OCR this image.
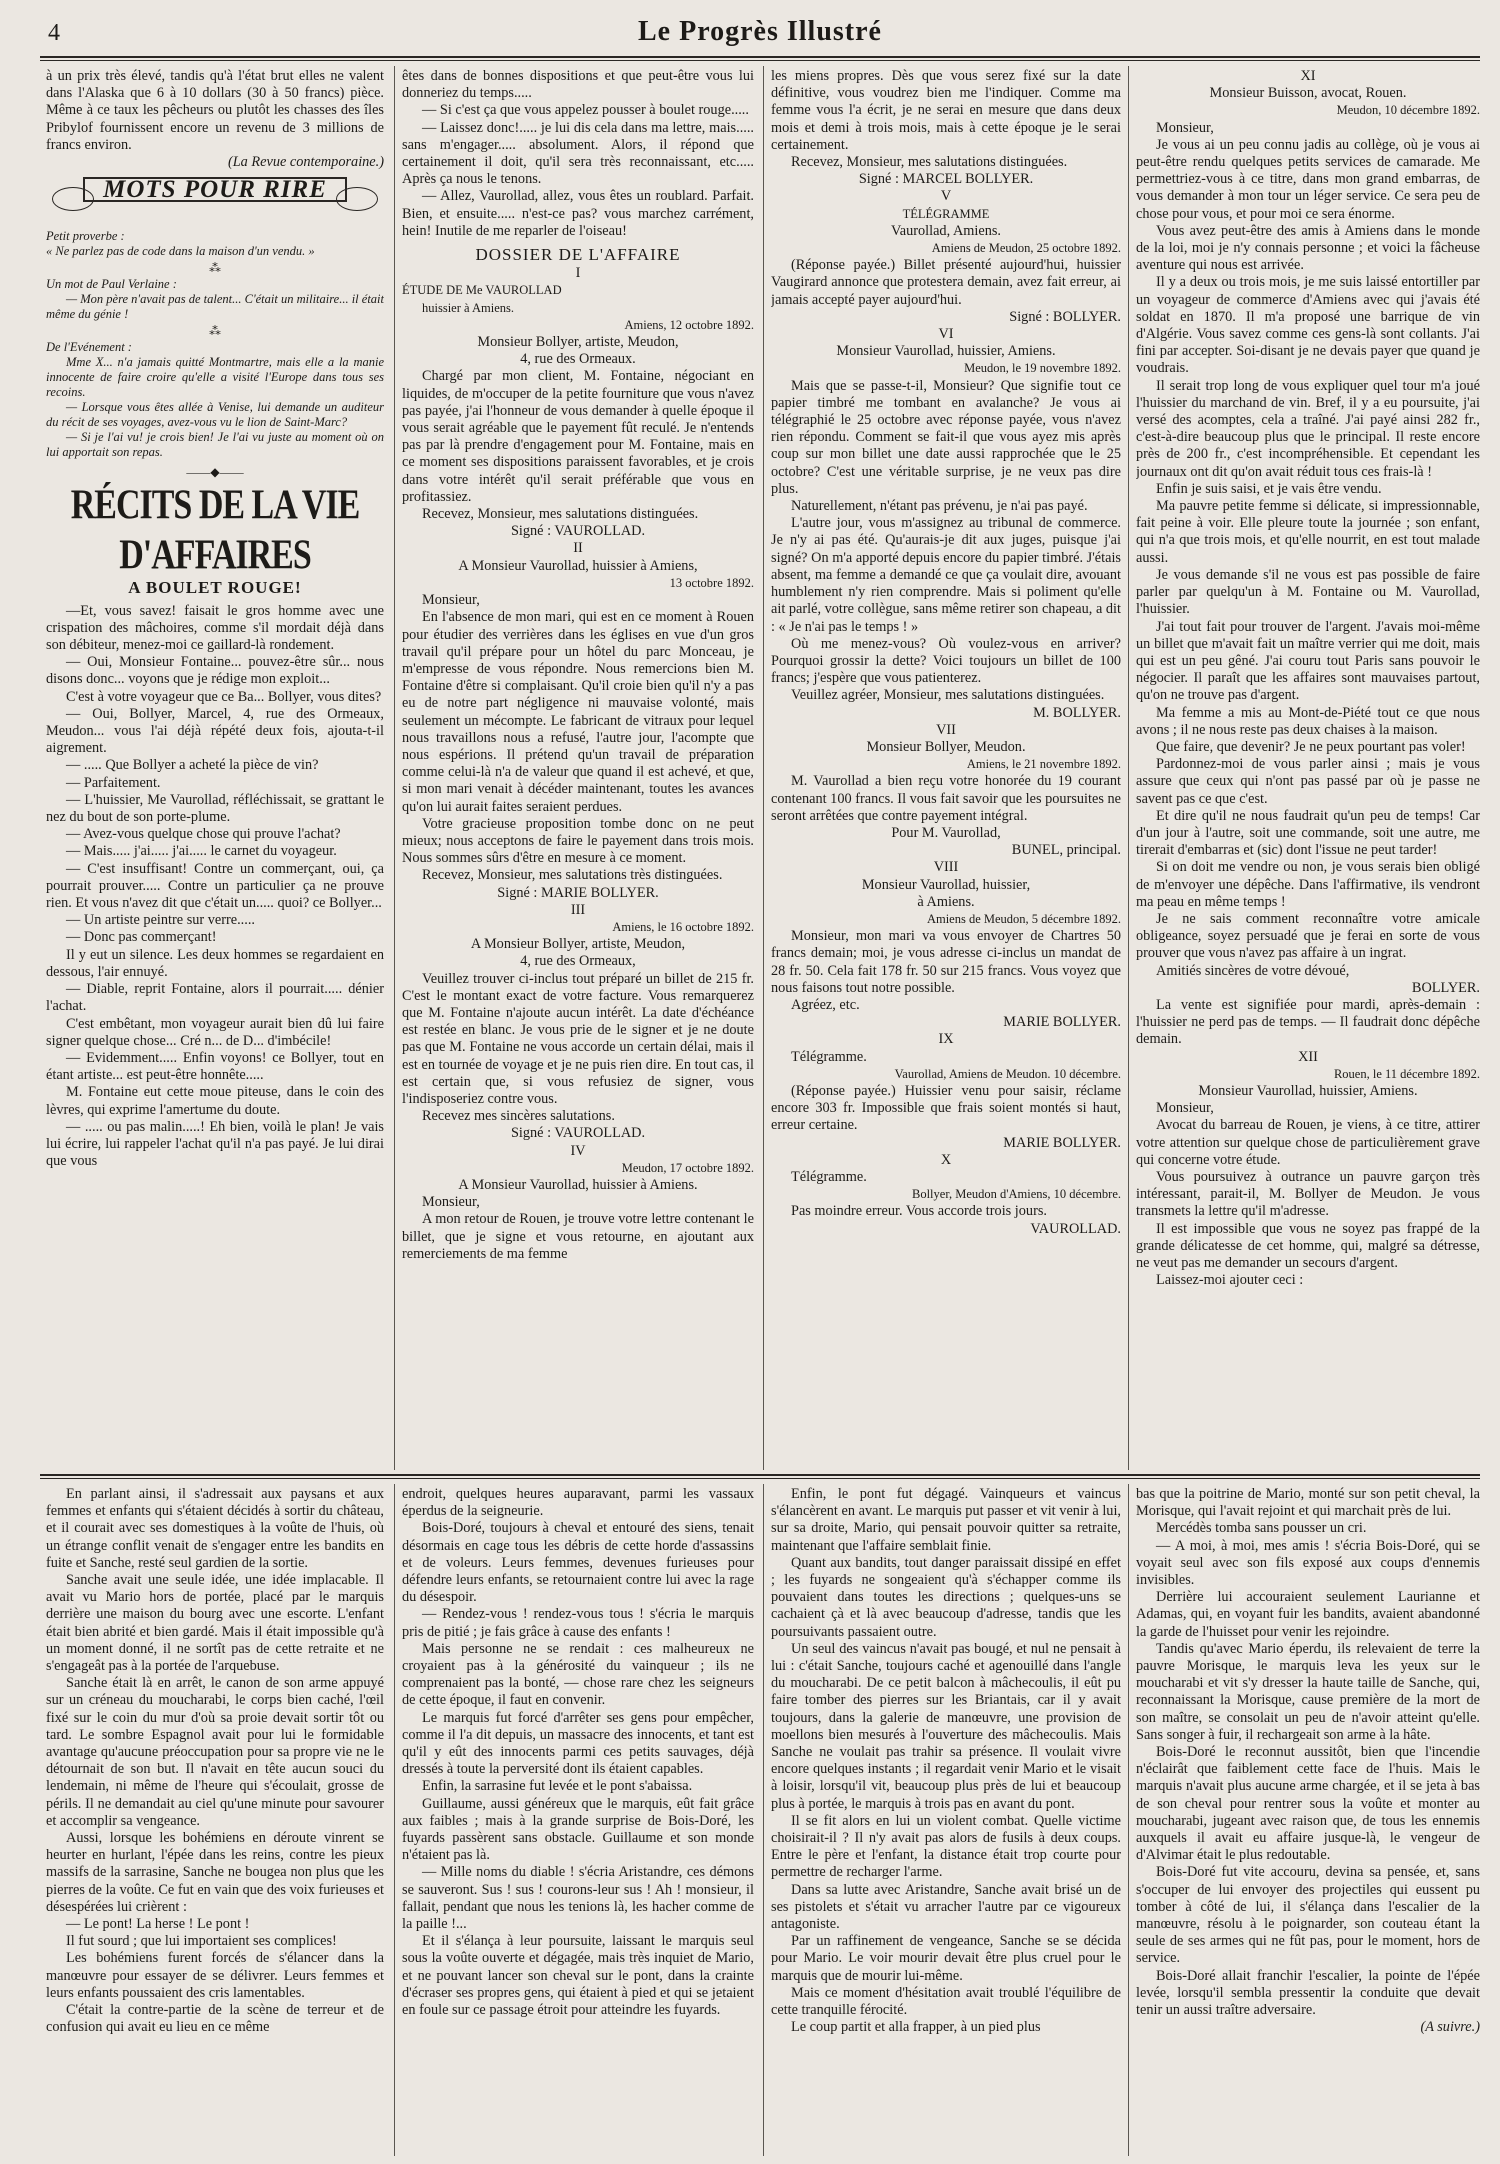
4	Le Progrès Illustré

à un prix très élevé, tandis qu'à l'état brut elles ne valent dans l'Alaska que 6 à 10 dollars (30 à 50 francs) pièce. Même à ce taux les pêcheurs ou plutôt les chasses des îles Pribylof fournissent encore un revenu de 3 millions de francs environ.

(La Revue contemporaine.)

MOTS POUR RIRE

Petit proverbe :

« Ne parlez pas de code dans la maison d'un vendu. »

⁂

Un mot de Paul Verlaine :

— Mon père n'avait pas de talent... C'était un militaire... il était même du génie !

⁂

De l'Evénement :

Mme X... n'a jamais quitté Montmartre, mais elle a la manie innocente de faire croire qu'elle a visité l'Europe dans tous ses recoins.

— Lorsque vous êtes allée à Venise, lui demande un auditeur du récit de ses voyages, avez-vous vu le lion de Saint-Marc?

— Si je l'ai vu! je crois bien! Je l'ai vu juste au moment où on lui apportait son repas.

——◆——
RÉCITS DE LA VIE D'AFFAIRES
A BOULET ROUGE!

—Et, vous savez! faisait le gros homme avec une crispation des mâchoires, comme s'il mordait déjà dans son débiteur, menez-moi ce gaillard-là rondement.

— Oui, Monsieur Fontaine... pouvez-être sûr... nous disons donc... voyons que je rédige mon exploit...

C'est à votre voyageur que ce Ba... Bollyer, vous dites?

— Oui, Bollyer, Marcel, 4, rue des Ormeaux, Meudon... vous l'ai déjà répété deux fois, ajouta-t-il aigrement.

— ..... Que Bollyer a acheté la pièce de vin?

— Parfaitement.

— L'huissier, Me Vaurollad, réfléchissait, se grattant le nez du bout de son porte-plume.

— Avez-vous quelque chose qui prouve l'achat?

— Mais..... j'ai..... j'ai..... le carnet du voyageur.

— C'est insuffisant! Contre un commerçant, oui, ça pourrait prouver..... Contre un particulier ça ne prouve rien. Et vous n'avez dit que c'était un..... quoi? ce Bollyer...

— Un artiste peintre sur verre.....

— Donc pas commerçant!

Il y eut un silence. Les deux hommes se regardaient en dessous, l'air ennuyé.

— Diable, reprit Fontaine, alors il pourrait..... dénier l'achat.

C'est embêtant, mon voyageur aurait bien dû lui faire signer quelque chose... Cré n... de D... d'imbécile!

— Evidemment..... Enfin voyons! ce Bollyer, tout en étant artiste... est peut-être honnête.....

M. Fontaine eut cette moue piteuse, dans le coin des lèvres, qui exprime l'amertume du doute.

— ..... ou pas malin.....! Eh bien, voilà le plan! Je vais lui écrire, lui rappeler l'achat qu'il n'a pas payé. Je lui dirai que vous

êtes dans de bonnes dispositions et que peut-être vous lui donneriez du temps.....

— Si c'est ça que vous appelez pousser à boulet rouge.....

— Laissez donc!..... je lui dis cela dans ma lettre, mais..... sans m'engager..... absolument. Alors, il répond que certainement il doit, qu'il sera très reconnaissant, etc..... Après ça nous le tenons.

— Allez, Vaurollad, allez, vous êtes un roublard. Parfait. Bien, et ensuite..... n'est-ce pas? vous marchez carrément, hein! Inutile de me reparler de l'oiseau!

DOSSIER DE L'AFFAIRE

I

ÉTUDE DE Me VAUROLLAD

huissier à Amiens.

Amiens, 12 octobre 1892.

Monsieur Bollyer, artiste, Meudon,

4, rue des Ormeaux.

Chargé par mon client, M. Fontaine, négociant en liquides, de m'occuper de la petite fourniture que vous n'avez pas payée, j'ai l'honneur de vous demander à quelle époque il vous serait agréable que le payement fût reculé. Je n'entends pas par là prendre d'engagement pour M. Fontaine, mais en ce moment ses dispositions paraissent favorables, et je crois dans votre intérêt qu'il serait préférable que vous en profitassiez.

Recevez, Monsieur, mes salutations distinguées.

Signé : VAUROLLAD.

II

A Monsieur Vaurollad, huissier à Amiens,

13 octobre 1892.

Monsieur,

En l'absence de mon mari, qui est en ce moment à Rouen pour étudier des verrières dans les églises en vue d'un gros travail qu'il prépare pour un hôtel du parc Monceau, je m'empresse de vous répondre. Nous remercions bien M. Fontaine d'être si complaisant. Qu'il croie bien qu'il n'y a pas eu de notre part négligence ni mauvaise volonté, mais seulement un mécompte. Le fabricant de vitraux pour lequel nous travaillons nous a refusé, l'autre jour, l'acompte que nous espérions. Il prétend qu'un travail de préparation comme celui-là n'a de valeur que quand il est achevé, et que, si mon mari venait à décéder maintenant, toutes les avances qu'on lui aurait faites seraient perdues.

Votre gracieuse proposition tombe donc on ne peut mieux; nous acceptons de faire le payement dans trois mois. Nous sommes sûrs d'être en mesure à ce moment.

Recevez, Monsieur, mes salutations très distinguées.

Signé : MARIE BOLLYER.

III

Amiens, le 16 octobre 1892.

A Monsieur Bollyer, artiste, Meudon,

4, rue des Ormeaux,

Veuillez trouver ci-inclus tout préparé un billet de 215 fr. C'est le montant exact de votre facture. Vous remarquerez que M. Fontaine n'ajoute aucun intérêt. La date d'échéance est restée en blanc. Je vous prie de le signer et je ne doute pas que M. Fontaine ne vous accorde un certain délai, mais il est en tournée de voyage et je ne puis rien dire. En tout cas, il est certain que, si vous refusiez de signer, vous l'indisposeriez contre vous.

Recevez mes sincères salutations.

Signé : VAUROLLAD.

IV

Meudon, 17 octobre 1892.

A Monsieur Vaurollad, huissier à Amiens.

Monsieur,

A mon retour de Rouen, je trouve votre lettre contenant le billet, que je signe et vous retourne, en ajoutant aux remerciements de ma femme

les miens propres. Dès que vous serez fixé sur la date définitive, vous voudrez bien me l'indiquer. Comme ma femme vous l'a écrit, je ne serai en mesure que dans deux mois et demi à trois mois, mais à cette époque je le serai certainement.

Recevez, Monsieur, mes salutations distinguées.

Signé : MARCEL BOLLYER.

V

TÉLÉGRAMME

Vaurollad, Amiens.

Amiens de Meudon, 25 octobre 1892.

(Réponse payée.) Billet présenté aujourd'hui, huissier Vaugirard annonce que protestera demain, avez fait erreur, ai jamais accepté payer aujourd'hui.

Signé : BOLLYER.

VI

Monsieur Vaurollad, huissier, Amiens.

Meudon, le 19 novembre 1892.

Mais que se passe-t-il, Monsieur? Que signifie tout ce papier timbré me tombant en avalanche? Je vous ai télégraphié le 25 octobre avec réponse payée, vous n'avez rien répondu. Comment se fait-il que vous ayez mis après coup sur mon billet une date aussi rapprochée que le 25 octobre? C'est une véritable surprise, je ne veux pas dire plus.

Naturellement, n'étant pas prévenu, je n'ai pas payé.

L'autre jour, vous m'assignez au tribunal de commerce. Je n'y ai pas été. Qu'aurais-je dit aux juges, puisque j'ai signé? On m'a apporté depuis encore du papier timbré. J'étais absent, ma femme a demandé ce que ça voulait dire, avouant humblement n'y rien comprendre. Mais si poliment qu'elle ait parlé, votre collègue, sans même retirer son chapeau, a dit : « Je n'ai pas le temps ! »

Où me menez-vous? Où voulez-vous en arriver? Pourquoi grossir la dette? Voici toujours un billet de 100 francs; j'espère que vous patienterez.

Veuillez agréer, Monsieur, mes salutations distinguées.

M. BOLLYER.

VII

Monsieur Bollyer, Meudon.

Amiens, le 21 novembre 1892.

M. Vaurollad a bien reçu votre honorée du 19 courant contenant 100 francs. Il vous fait savoir que les poursuites ne seront arrêtées que contre payement intégral.

Pour M. Vaurollad,

BUNEL, principal.

VIII

Monsieur Vaurollad, huissier,

à Amiens.

Amiens de Meudon, 5 décembre 1892.

Monsieur, mon mari va vous envoyer de Chartres 50 francs demain; moi, je vous adresse ci-inclus un mandat de 28 fr. 50. Cela fait 178 fr. 50 sur 215 francs. Vous voyez que nous faisons tout notre possible.

Agréez, etc.

MARIE BOLLYER.

IX

Télégramme.

Vaurollad, Amiens de Meudon. 10 décembre.

(Réponse payée.) Huissier venu pour saisir, réclame encore 303 fr. Impossible que frais soient montés si haut, erreur certaine.

MARIE BOLLYER.

X

Télégramme.

Bollyer, Meudon d'Amiens, 10 décembre.

Pas moindre erreur. Vous accorde trois jours.

VAUROLLAD.

XI

Monsieur Buisson, avocat, Rouen.

Meudon, 10 décembre 1892.

Monsieur,

Je vous ai un peu connu jadis au collège, où je vous ai peut-être rendu quelques petits services de camarade. Me permettriez-vous à ce titre, dans mon grand embarras, de vous demander à mon tour un léger service. Ce sera peu de chose pour vous, et pour moi ce sera énorme.

Vous avez peut-être des amis à Amiens dans le monde de la loi, moi je n'y connais personne ; et voici la fâcheuse aventure qui nous est arrivée.

Il y a deux ou trois mois, je me suis laissé entortiller par un voyageur de commerce d'Amiens avec qui j'avais été soldat en 1870. Il m'a proposé une barrique de vin d'Algérie. Vous savez comme ces gens-là sont collants. J'ai fini par accepter. Soi-disant je ne devais payer que quand je voudrais.

Il serait trop long de vous expliquer quel tour m'a joué l'huissier du marchand de vin. Bref, il y a eu poursuite, j'ai versé des acomptes, cela a traîné. J'ai payé ainsi 282 fr., c'est-à-dire beaucoup plus que le principal. Il reste encore près de 200 fr., c'est incompréhensible. Et cependant les journaux ont dit qu'on avait réduit tous ces frais-là !

Enfin je suis saisi, et je vais être vendu.

Ma pauvre petite femme si délicate, si impressionnable, fait peine à voir. Elle pleure toute la journée ; son enfant, qui n'a que trois mois, et qu'elle nourrit, en est tout malade aussi.

Je vous demande s'il ne vous est pas possible de faire parler par quelqu'un à M. Fontaine ou M. Vaurollad, l'huissier.

J'ai tout fait pour trouver de l'argent. J'avais moi-même un billet que m'avait fait un maître verrier qui me doit, mais qui est un peu gêné. J'ai couru tout Paris sans pouvoir le négocier. Il paraît que les affaires sont mauvaises partout, qu'on ne trouve pas d'argent.

Ma femme a mis au Mont-de-Piété tout ce que nous avons ; il ne nous reste pas deux chaises à la maison.

Que faire, que devenir? Je ne peux pourtant pas voler!

Pardonnez-moi de vous parler ainsi ; mais je vous assure que ceux qui n'ont pas passé par où je passe ne savent pas ce que c'est.

Et dire qu'il ne nous faudrait qu'un peu de temps! Car d'un jour à l'autre, soit une commande, soit une autre, me tirerait d'embarras et (sic) dont l'issue ne peut tarder!

Si on doit me vendre ou non, je vous serais bien obligé de m'envoyer une dépêche. Dans l'affirmative, ils vendront ma peau en même temps !

Je ne sais comment reconnaître votre amicale obligeance, soyez persuadé que je ferai en sorte de vous prouver que vous n'avez pas affaire à un ingrat.

Amitiés sincères de votre dévoué,

BOLLYER.

La vente est signifiée pour mardi, après-demain : l'huissier ne perd pas de temps. — Il faudrait donc dépêche demain.

XII

Rouen, le 11 décembre 1892.

Monsieur Vaurollad, huissier, Amiens.

Monsieur,

Avocat du barreau de Rouen, je viens, à ce titre, attirer votre attention sur quelque chose de particulièrement grave qui concerne votre étude.

Vous poursuivez à outrance un pauvre garçon très intéressant, parait-il, M. Bollyer de Meudon. Je vous transmets la lettre qu'il m'adresse.

Il est impossible que vous ne soyez pas frappé de la grande délicatesse de cet homme, qui, malgré sa détresse, ne veut pas me demander un secours d'argent.

Laissez-moi ajouter ceci :

En parlant ainsi, il s'adressait aux paysans et aux femmes et enfants qui s'étaient décidés à sortir du château, et il courait avec ses domestiques à la voûte de l'huis, où un étrange conflit venait de s'engager entre les bandits en fuite et Sanche, resté seul gardien de la sortie.

Sanche avait une seule idée, une idée implacable. Il avait vu Mario hors de portée, placé par le marquis derrière une maison du bourg avec une escorte. L'enfant était bien abrité et bien gardé. Mais il était impossible qu'à un moment donné, il ne sortît pas de cette retraite et ne s'engageât pas à la portée de l'arquebuse.

Sanche était là en arrêt, le canon de son arme appuyé sur un créneau du moucharabi, le corps bien caché, l'œil fixé sur le coin du mur d'où sa proie devait sortir tôt ou tard. Le sombre Espagnol avait pour lui le formidable avantage qu'aucune préoccupation pour sa propre vie ne le détournait de son but. Il n'avait en tête aucun souci du lendemain, ni même de l'heure qui s'écoulait, grosse de périls. Il ne demandait au ciel qu'une minute pour savourer et accomplir sa vengeance.

Aussi, lorsque les bohémiens en déroute vinrent se heurter en hurlant, l'épée dans les reins, contre les pieux massifs de la sarrasine, Sanche ne bougea non plus que les pierres de la voûte. Ce fut en vain que des voix furieuses et désespérées lui crièrent :

— Le pont! La herse ! Le pont !

Il fut sourd ; que lui importaient ses complices!

Les bohémiens furent forcés de s'élancer dans la manœuvre pour essayer de se délivrer. Leurs femmes et leurs enfants poussaient des cris lamentables.

C'était la contre-partie de la scène de terreur et de confusion qui avait eu lieu en ce même

endroit, quelques heures auparavant, parmi les vassaux éperdus de la seigneurie.

Bois-Doré, toujours à cheval et entouré des siens, tenait désormais en cage tous les débris de cette horde d'assassins et de voleurs. Leurs femmes, devenues furieuses pour défendre leurs enfants, se retournaient contre lui avec la rage du désespoir.

— Rendez-vous ! rendez-vous tous ! s'écria le marquis pris de pitié ; je fais grâce à cause des enfants !

Mais personne ne se rendait : ces malheureux ne croyaient pas à la générosité du vainqueur ; ils ne comprenaient pas la bonté, — chose rare chez les seigneurs de cette époque, il faut en convenir.

Le marquis fut forcé d'arrêter ses gens pour empêcher, comme il l'a dit depuis, un massacre des innocents, et tant est qu'il y eût des innocents parmi ces petits sauvages, déjà dressés à toute la perversité dont ils étaient capables.

Enfin, la sarrasine fut levée et le pont s'abaissa.

Guillaume, aussi généreux que le marquis, eût fait grâce aux faibles ; mais à la grande surprise de Bois-Doré, les fuyards passèrent sans obstacle. Guillaume et son monde n'étaient pas là.

— Mille noms du diable ! s'écria Aristandre, ces démons se sauveront. Sus ! sus ! courons-leur sus ! Ah ! monsieur, il fallait, pendant que nous les tenions là, les hacher comme de la paille !...

Et il s'élança à leur poursuite, laissant le marquis seul sous la voûte ouverte et dégagée, mais très inquiet de Mario, et ne pouvant lancer son cheval sur le pont, dans la crainte d'écraser ses propres gens, qui étaient à pied et qui se jetaient en foule sur ce passage étroit pour atteindre les fuyards.

Enfin, le pont fut dégagé. Vainqueurs et vaincus s'élancèrent en avant. Le marquis put passer et vit venir à lui, sur sa droite, Mario, qui pensait pouvoir quitter sa retraite, maintenant que l'affaire semblait finie.

Quant aux bandits, tout danger paraissait dissipé en effet ; les fuyards ne songeaient qu'à s'échapper comme ils pouvaient dans toutes les directions ; quelques-uns se cachaient çà et là avec beaucoup d'adresse, tandis que les poursuivants passaient outre.

Un seul des vaincus n'avait pas bougé, et nul ne pensait à lui : c'était Sanche, toujours caché et agenouillé dans l'angle du moucharabi. De ce petit balcon à mâchecoulis, il eût pu faire tomber des pierres sur les Briantais, car il y avait toujours, dans la galerie de manœuvre, une provision de moellons bien mesurés à l'ouverture des mâchecoulis. Mais Sanche ne voulait pas trahir sa présence. Il voulait vivre encore quelques instants ; il regardait venir Mario et le visait à loisir, lorsqu'il vit, beaucoup plus près de lui et beaucoup plus à portée, le marquis à trois pas en avant du pont.

Il se fit alors en lui un violent combat. Quelle victime choisirait-il ? Il n'y avait pas alors de fusils à deux coups. Entre le père et l'enfant, la distance était trop courte pour permettre de recharger l'arme.

Dans sa lutte avec Aristandre, Sanche avait brisé un de ses pistolets et s'était vu arracher l'autre par ce vigoureux antagoniste.

Par un raffinement de vengeance, Sanche se se décida pour Mario. Le voir mourir devait être plus cruel pour le marquis que de mourir lui-même.

Mais ce moment d'hésitation avait troublé l'équilibre de cette tranquille férocité.

Le coup partit et alla frapper, à un pied plus

bas que la poitrine de Mario, monté sur son petit cheval, la Morisque, qui l'avait rejoint et qui marchait près de lui.

Mercédès tomba sans pousser un cri.

— A moi, à moi, mes amis ! s'écria Bois-Doré, qui se voyait seul avec son fils exposé aux coups d'ennemis invisibles.

Derrière lui accouraient seulement Laurianne et Adamas, qui, en voyant fuir les bandits, avaient abandonné la garde de l'huisset pour venir les rejoindre.

Tandis qu'avec Mario éperdu, ils relevaient de terre la pauvre Morisque, le marquis leva les yeux sur le moucharabi et vit s'y dresser la haute taille de Sanche, qui, reconnaissant la Morisque, cause première de la mort de son maître, se consolait un peu de n'avoir atteint qu'elle. Sans songer à fuir, il rechargeait son arme à la hâte.

Bois-Doré le reconnut aussitôt, bien que l'incendie n'éclairât que faiblement cette face de l'huis. Mais le marquis n'avait plus aucune arme chargée, et il se jeta à bas de son cheval pour rentrer sous la voûte et monter au moucharabi, jugeant avec raison que, de tous les ennemis auxquels il avait eu affaire jusque-là, le vengeur de d'Alvimar était le plus redoutable.

Bois-Doré fut vite accouru, devina sa pensée, et, sans s'occuper de lui envoyer des projectiles qui eussent pu tomber à côté de lui, il s'élança dans l'escalier de la manœuvre, résolu à le poignarder, son couteau étant la seule de ses armes qui ne fût pas, pour le moment, hors de service.

Bois-Doré allait franchir l'escalier, la pointe de l'épée levée, lorsqu'il sembla pressentir la conduite que devait tenir un aussi traître adversaire.

(A suivre.)
